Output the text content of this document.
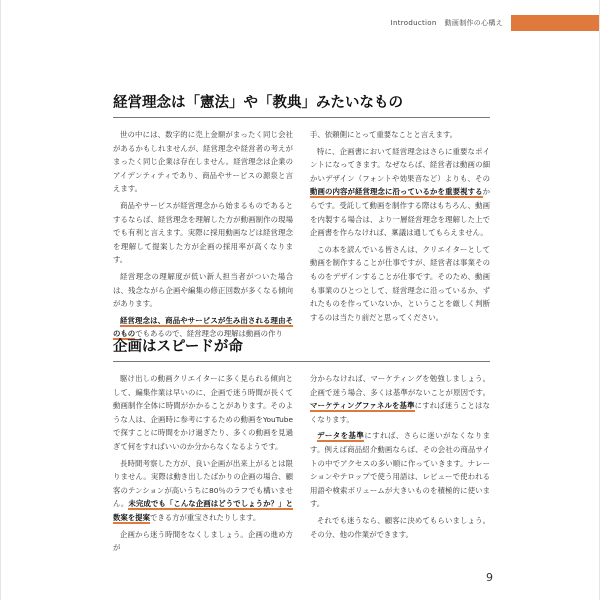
Introduction 動画制作の心構え
経営理念は「憲法」や「教典」みたいなもの

世の中には、数字的に売上金額がまったく同じ会社があるかもしれませんが、経営理念や経営者の考えがまったく同じ企業は存在しません。経営理念は企業のアイデンティティであり、商品やサービスの源泉と言えます。

商品やサービスが経営理念から始まるものであるとするならば、経営理念を理解した方が動画制作の現場でも有利と言えます。実際に採用動画などは経営理念を理解して提案した方が企画の採用率が高くなります。

経営理念の理解度が低い新人担当者がついた場合は、残念ながら企画や編集の修正回数が多くなる傾向があります。

経営理念は、商品やサービスが生み出される理由そのものでもあるので、経営理念の理解は動画の作り

手、依頼側にとって重要なことと言えます。

特に、企画書において経営理念はさらに重要なポイントになってきます。なぜならば、経営者は動画の細かいデザイン（フォントや効果音など）よりも、その動画の内容が経営理念に沿っているかを重要視するからです。受託して動画を制作する際はもちろん、動画を内製する場合は、より一層経営理念を理解した上で企画書を作らなければ、稟議は通してもらえません。

この本を読んでいる皆さんは、クリエイターとして動画を制作することが仕事ですが、経営者は事業そのものをデザインすることが仕事です。そのため、動画も事業のひとつとして、経営理念に沿っているか、ずれたものを作っていないか、ということを厳しく判断するのは当たり前だと思ってください。

企画はスピードが命

駆け出しの動画クリエイターに多く見られる傾向として、編集作業は早いのに、企画で迷う時間が長くて動画制作全体に時間がかかることがあります。そのような人は、企画時に参考にするための動画をYouTubeで探すことに時間をかけ過ぎたり、多くの動画を見過ぎて何をすればいいのか分からなくなるようです。

長時間考察した方が、良い企画が出来上がるとは限りません。実際は動き出したばかりの企画の場合、顧客のテンションが高いうちに80％のラフでも構いません。未完成でも「こんな企画はどうでしょうか？」と数案を提案できる方が重宝されたりします。

企画から迷う時間をなくしましょう。企画の進め方が

分からなければ、マーケティングを勉強しましょう。企画で迷う場合、多くは基準がないことが原因です。マーケティングファネルを基準にすれば迷うことはなくなります。

データを基準にすれば、さらに迷いがなくなります。例えば商品紹介動画ならば、その会社の商品サイトの中でアクセスの多い順に作っていきます。ナレーションやテロップで使う用語は、レビューで使われる用語や検索ボリュームが大きいものを積極的に使います。

それでも迷うなら、顧客に決めてもらいましょう。その分、他の作業ができます。

9
